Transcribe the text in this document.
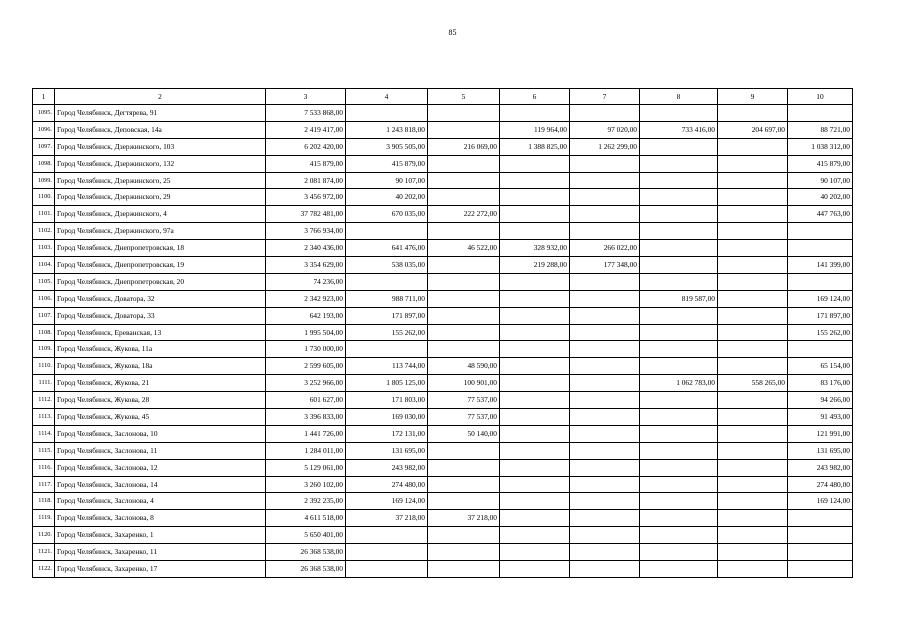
85
1	2	3	4	5	6	7	8	9	10
1095.	Город Челябинск, Дегтярева, 91	7 533 868,00							
1096.	Город Челябинск, Деповская, 14а	2 419 417,00	1 243 818,00		119 964,00	97 020,00	733 416,00	204 697,00	88 721,00
1097.	Город Челябинск, Дзержинского, 103	6 202 420,00	3 905 505,00	216 069,00	1 388 825,00	1 262 299,00			1 038 312,00
1098.	Город Челябинск, Дзержинского, 132	415 879,00	415 879,00						415 879,00
1099.	Город Челябинск, Дзержинского, 25	2 081 874,00	90 107,00						90 107,00
1100.	Город Челябинск, Дзержинского, 29	3 456 972,00	40 202,00						40 202,00
1101.	Город Челябинск, Дзержинского, 4	37 782 481,00	670 035,00	222 272,00					447 763,00
1102.	Город Челябинск, Дзержинского, 97а	3 766 934,00							
1103.	Город Челябинск, Днепропетровская, 18	2 340 436,00	641 476,00	46 522,00	328 932,00	266 022,00			
1104.	Город Челябинск, Днепропетровская, 19	3 354 629,00	538 035,00		219 288,00	177 348,00			141 399,00
1105.	Город Челябинск, Днепропетровская, 20	74 236,00							
1106.	Город Челябинск, Доватора, 32	2 342 923,00	988 711,00				819 587,00		169 124,00
1107.	Город Челябинск, Доватора, 33	642 193,00	171 897,00						171 897,00
1108.	Город Челябинск, Ереванская, 13	1 995 504,00	155 262,00						155 262,00
1109.	Город Челябинск, Жукова, 11а	1 730 000,00							
1110.	Город Челябинск, Жукова, 18а	2 599 605,00	113 744,00	48 590,00					65 154,00
1111.	Город Челябинск, Жукова, 21	3 252 966,00	1 805 125,00	100 901,00			1 062 783,00	558 265,00	83 176,00
1112.	Город Челябинск, Жукова, 28	601 627,00	171 803,00	77 537,00					94 266,00
1113.	Город Челябинск, Жукова, 45	3 396 833,00	169 030,00	77 537,00					91 493,00
1114.	Город Челябинск, Заслонова, 10	1 441 726,00	172 131,00	50 140,00					121 991,00
1115.	Город Челябинск, Заслонова, 11	1 284 011,00	131 695,00						131 695,00
1116.	Город Челябинск, Заслонова, 12	5 129 061,00	243 982,00						243 982,00
1117.	Город Челябинск, Заслонова, 14	3 260 102,00	274 480,00						274 480,00
1118.	Город Челябинск, Заслонова, 4	2 392 235,00	169 124,00						169 124,00
1119.	Город Челябинск, Заслонова, 8	4 611 518,00	37 218,00	37 218,00					
1120.	Город Челябинск, Захаренко, 1	5 650 401,00							
1121.	Город Челябинск, Захаренко, 11	26 368 538,00							
1122.	Город Челябинск, Захаренко, 17	26 368 538,00							
